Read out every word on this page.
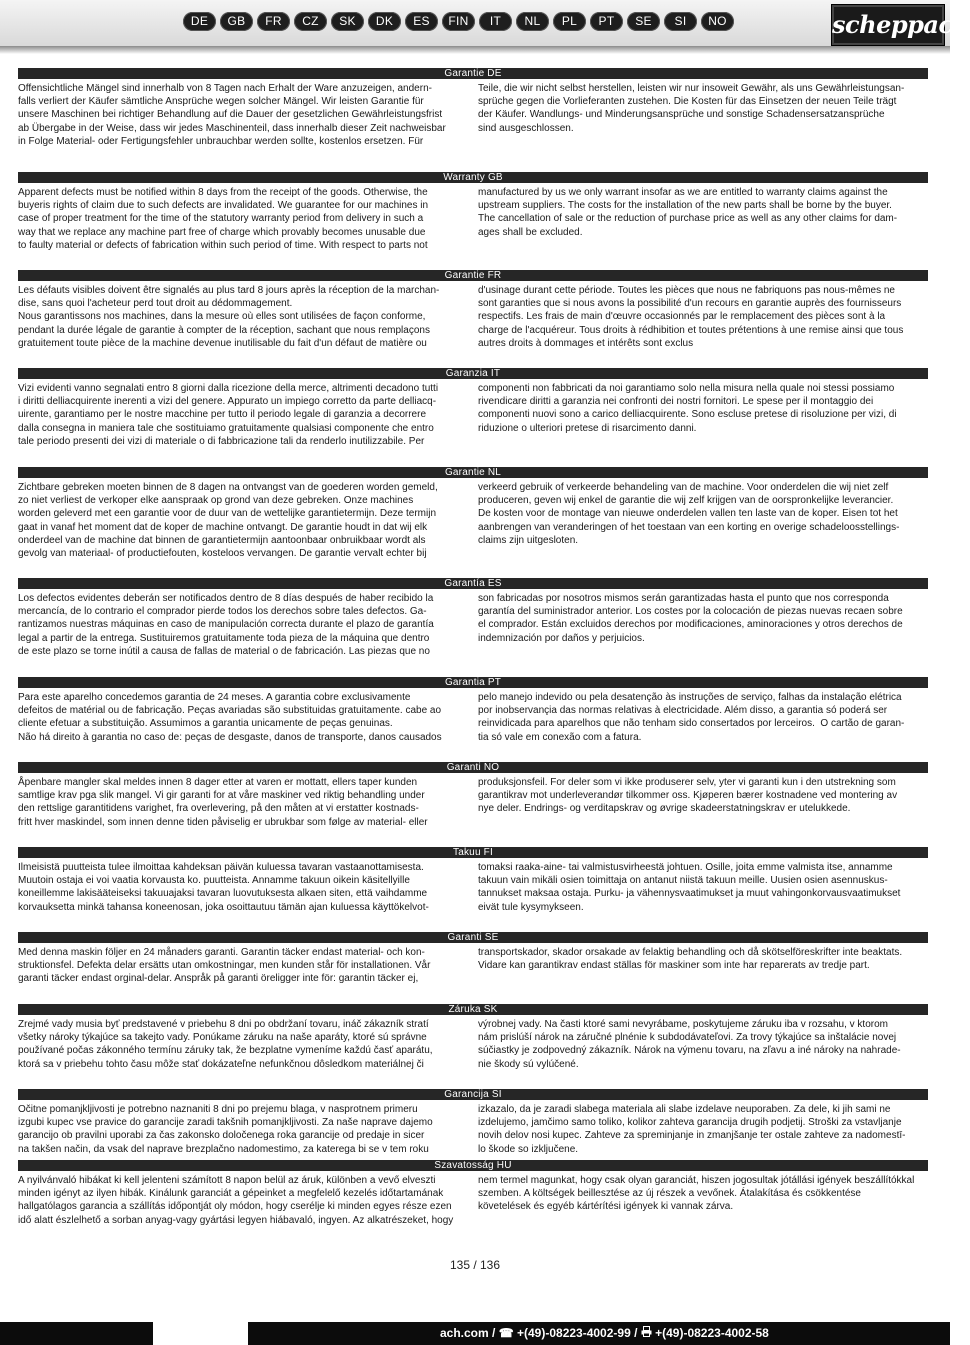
DE	GB	FR	CZ	SK	DK	ES	FIN	IT	NL	PL	PT	SE	SI	NO	scheppach
Garantie DE
Offensichtliche Mängel sind innerhalb von 8 Tagen nach Erhalt der Ware anzuzeigen, andern-
falls verliert der Käufer sämtliche Ansprüche wegen solcher Mängel. Wir leisten Garantie für
unsere Maschinen bei richtiger Behandlung auf die Dauer der gesetzlichen Gewährleistungsfrist
ab Übergabe in der Weise, dass wir jedes Maschinenteil, dass innerhalb dieser Zeit nachweisbar
in Folge Material- oder Fertigungsfehler unbrauchbar werden sollte, kostenlos ersetzen. Für
Teile, die wir nicht selbst herstellen, leisten wir nur insoweit Gewähr, als uns Gewährleistungsan-
sprüche gegen die Vorlieferanten zustehen. Die Kosten für das Einsetzen der neuen Teile trägt
der Käufer. Wandlungs- und Minderungsansprüche und sonstige Schadensersatzansprüche
sind ausgeschlossen.
Warranty GB
Apparent defects must be notified within 8 days from the receipt of the goods. Otherwise, the
buyeris rights of claim due to such defects are invalidated. We guarantee for our machines in
case of proper treatment for the time of the statutory warranty period from delivery in such a
way that we replace any machine part free of charge which provably becomes unusable due
to faulty material or defects of fabrication within such period of time. With respect to parts not
manufactured by us we only warrant insofar as we are entitled to warranty claims against the
upstream suppliers. The costs for the installation of the new parts shall be borne by the buyer.
The cancellation of sale or the reduction of purchase price as well as any other claims for dam-
ages shall be excluded.
Garantie FR
Les défauts visibles doivent être signalés au plus tard 8 jours après la réception de la marchan-
dise, sans quoi l'acheteur perd tout droit au dédommagement.
Nous garantissons nos machines, dans la mesure où elles sont utilisées de façon conforme,
pendant la durée légale de garantie à compter de la réception, sachant que nous remplaçons
gratuitement toute pièce de la machine devenue inutilisable du fait d'un défaut de matière ou
d'usinage durant cette période. Toutes les pièces que nous ne fabriquons pas nous-mêmes ne
sont garanties que si nous avons la possibilité d'un recours en garantie auprès des fournisseurs
respectifs. Les frais de main d'œuvre occasionnés par le remplacement des pièces sont à la
charge de l'acquéreur. Tous droits à rédhibition et toutes prétentions à une remise ainsi que tous
autres droits à dommages et intérêts sont exclus
Garanzia IT
Vizi evidenti vanno segnalati entro 8 giorni dalla ricezione della merce, altrimenti decadono tutti
i diritti delliacquirente inerenti a vizi del genere. Appurato un impiego corretto da parte delliacq-
uirente, garantiamo per le nostre macchine per tutto il periodo legale di garanzia a decorrere
dalla consegna in maniera tale che sostituiamo gratuitamente qualsiasi componente che entro
tale periodo presenti dei vizi di materiale o di fabbricazione tali da renderlo inutilizzabile. Per
componenti non fabbricati da noi garantiamo solo nella misura nella quale noi stessi possiamo
rivendicare diritti a garanzia nei confronti dei nostri fornitori. Le spese per il montaggio dei
componenti nuovi sono a carico delliacquirente. Sono escluse pretese di risoluzione per vizi, di
riduzione o ulteriori pretese di risarcimento danni.
Garantie NL
Zichtbare gebreken moeten binnen de 8 dagen na ontvangst van de goederen worden gemeld,
zo niet verliest de verkoper elke aanspraak op grond van deze gebreken. Onze machines
worden geleverd met een garantie voor de duur van de wettelijke garantietermijn. Deze termijn
gaat in vanaf het moment dat de koper de machine ontvangt. De garantie houdt in dat wij elk
onderdeel van de machine dat binnen de garantietermijn aantoonbaar onbruikbaar wordt als
gevolg van materiaal- of productiefouten, kosteloos vervangen. De garantie vervalt echter bij
verkeerd gebruik of verkeerde behandeling van de machine. Voor onderdelen die wij niet zelf
produceren, geven wij enkel de garantie die wij zelf krijgen van de oorspronkelijke leverancier.
De kosten voor de montage van nieuwe onderdelen vallen ten laste van de koper. Eisen tot het
aanbrengen van veranderingen of het toestaan van een korting en overige schadeloosstellings-
claims zijn uitgesloten.
Garantía ES
Los defectos evidentes deberán ser notificados dentro de 8 días después de haber recibido la
mercancía, de lo contrario el comprador pierde todos los derechos sobre tales defectos. Ga-
rantizamos nuestras máquinas en caso de manipulación correcta durante el plazo de garantía
legal a partir de la entrega. Sustituiremos gratuitamente toda pieza de la máquina que dentro
de este plazo se torne inútil a causa de fallas de material o de fabricación. Las piezas que no
son fabricadas por nosotros mismos serán garantizadas hasta el punto que nos corresponda
garantía del suministrador anterior. Los costes por la colocación de piezas nuevas recaen sobre
el comprador. Están excluidos derechos por modificaciones, aminoraciones y otros derechos de
indemnización por daños y perjuicios.
Garantia PT
Para este aparelho concedemos garantia de 24 meses. A garantia cobre exclusivamente
defeitos de matérial ou de fabricação. Peças avariadas são substituidas gratuitamente. cabe ao
cliente efetuar a substituição. Assumimos a garantia unicamente de peças genuinas.
Não há direito à garantia no caso de: peças de desgaste, danos de transporte, danos causados
pelo manejo indevido ou pela desatenção às instruções de serviço, falhas da instalação elétrica
por inobservançia das normas relativas à electricidade. Além disso, a garantia só poderá ser
reinvidicada para aparelhos que não tenham sido consertados por lerceiros.  O cartão de garan-
tia só vale em conexão com a fatura.
Garanti NO
Åpenbare mangler skal meldes innen 8 dager etter at varen er mottatt, ellers taper kunden
samtlige krav pga slik mangel. Vi gir garanti for at våre maskiner ved riktig behandling under
den rettslige garantitidens varighet, fra overlevering, på den måten at vi erstatter kostnads-
fritt hver maskindel, som innen denne tiden påviselig er ubrukbar som følge av material- eller
produksjonsfeil. For deler som vi ikke produserer selv, yter vi garanti kun i den utstrekning som
garantikrav mot underleverandør tilkommer oss. Kjøperen bærer kostnadene ved montering av
nye deler. Endrings- og verditapskrav og øvrige skadeerstatningskrav er utelukkede.
Takuu FI
Ilmeisistä puutteista tulee ilmoittaa kahdeksan päivän kuluessa tavaran vastaanottamisesta.
Muutoin ostaja ei voi vaatia korvausta ko. puutteista. Annamme takuun oikein käsitellyille
koneillemme lakisääteiseksi takuuajaksi tavaran luovutuksesta alkaen siten, että vaihdamme
korvauksetta minkä tahansa koneenosan, joka osoittautuu tämän ajan kuluessa käyttökelvot-
tomaksi raaka-aine- tai valmistusvirheestä johtuen. Osille, joita emme valmista itse, annamme
takuun vain mikäli osien toimittaja on antanut niistä takuun meille. Uusien osien asennuskus-
tannukset maksaa ostaja. Purku- ja vähennysvaatimukset ja muut vahingonkorvausvaatimukset
eivät tule kysymykseen.
Garanti SE
Med denna maskin följer en 24 månaders garanti. Garantin täcker endast material- och kon-
struktionsfel. Defekta delar ersätts utan omkostningar, men kunden står för installationen. Vår
garanti täcker endast orginal-delar. Anspråk på garanti öreligger inte för: garantin täcker ej,
transportskador, skador orsakade av felaktig behandling och då skötselföreskrifter inte beaktats.
Vidare kan garantikrav endast ställas för maskiner som inte har reparerats av tredje part.
Záruka SK
Zrejmé vady musia byť predstavené v priebehu 8 dni po obdržaní tovaru, ináč zákazník stratí
všetky nároky týkajúce sa takejto vady. Ponúkame záruku na naše aparáty, ktoré sú správne
používané počas zákonného termínu záruky tak, že bezplatne vymeníme každú časť aparátu,
ktorá sa v priebehu tohto času môže stať dokázateľne nefunkčnou dôsledkom materiálnej či
výrobnej vady. Na časti ktoré sami nevyrábame, poskytujeme záruku iba v rozsahu, v ktorom
nám prislúší nárok na záručné plnénie k subdodávateľovi. Za trovy týkajúce sa inštalácie novej
súčiastky je zodpovedný zákazník. Nárok na výmenu tovaru, na zľavu a iné nároky na nahrade-
nie škody sú vylúčené.
Garancija SI
Očitne pomanjkljivosti je potrebno naznaniti 8 dni po prejemu blaga, v nasprotnem primeru
izgubi kupec vse pravice do garancije zaradi takšnih pomanjkljivosti. Za naše naprave dajemo
garancijo ob pravilni uporabi za čas zakonsko določenega roka garancije od predaje in sicer
na takšen način, da vsak del naprave brezplačno nadomestimo, za katerega bi se v tem roku
izkazalo, da je zaradi slabega materiala ali slabe izdelave neuporaben. Za dele, ki jih sami ne
izdelujemo, jamčimo samo toliko, kolikor zahteva garancija drugih podjetij. Stroški za vstavljanje
novih delov nosi kupec. Zahteve za spreminjanje in zmanjšanje ter ostale zahteve za nadomestī-
lo škode so izključene.
Szavatosság HU
A nyilvánvaló hibákat ki kell jelenteni számított 8 napon belül az áruk, különben a vevő elveszti
minden igényt az ilyen hibák. Kinálunk garanciát a gépeinket a megfelelő kezelés időtartamának
hallgatólagos garancia a szállítás időpontját oly módon, hogy cserélje ki minden egyes része ezen
idő alatt észlelhető a sorban anyag-vagy gyártási legyen hiábavaló, ingyen. Az alkatrészeket, hogy
nem termel magunkat, hogy csak olyan garanciát, hiszen jogosultak jótállási igények beszállítókkal
szemben. A költségek beillesztése az új részek a vevőnek. Átalakítása és csökkentése
követelések és egyéb kártérítési igények ki vannak zárva.
135 / 136
ach.com / ☎ +(49)-08223-4002-99 /  +(49)-08223-4002-58
